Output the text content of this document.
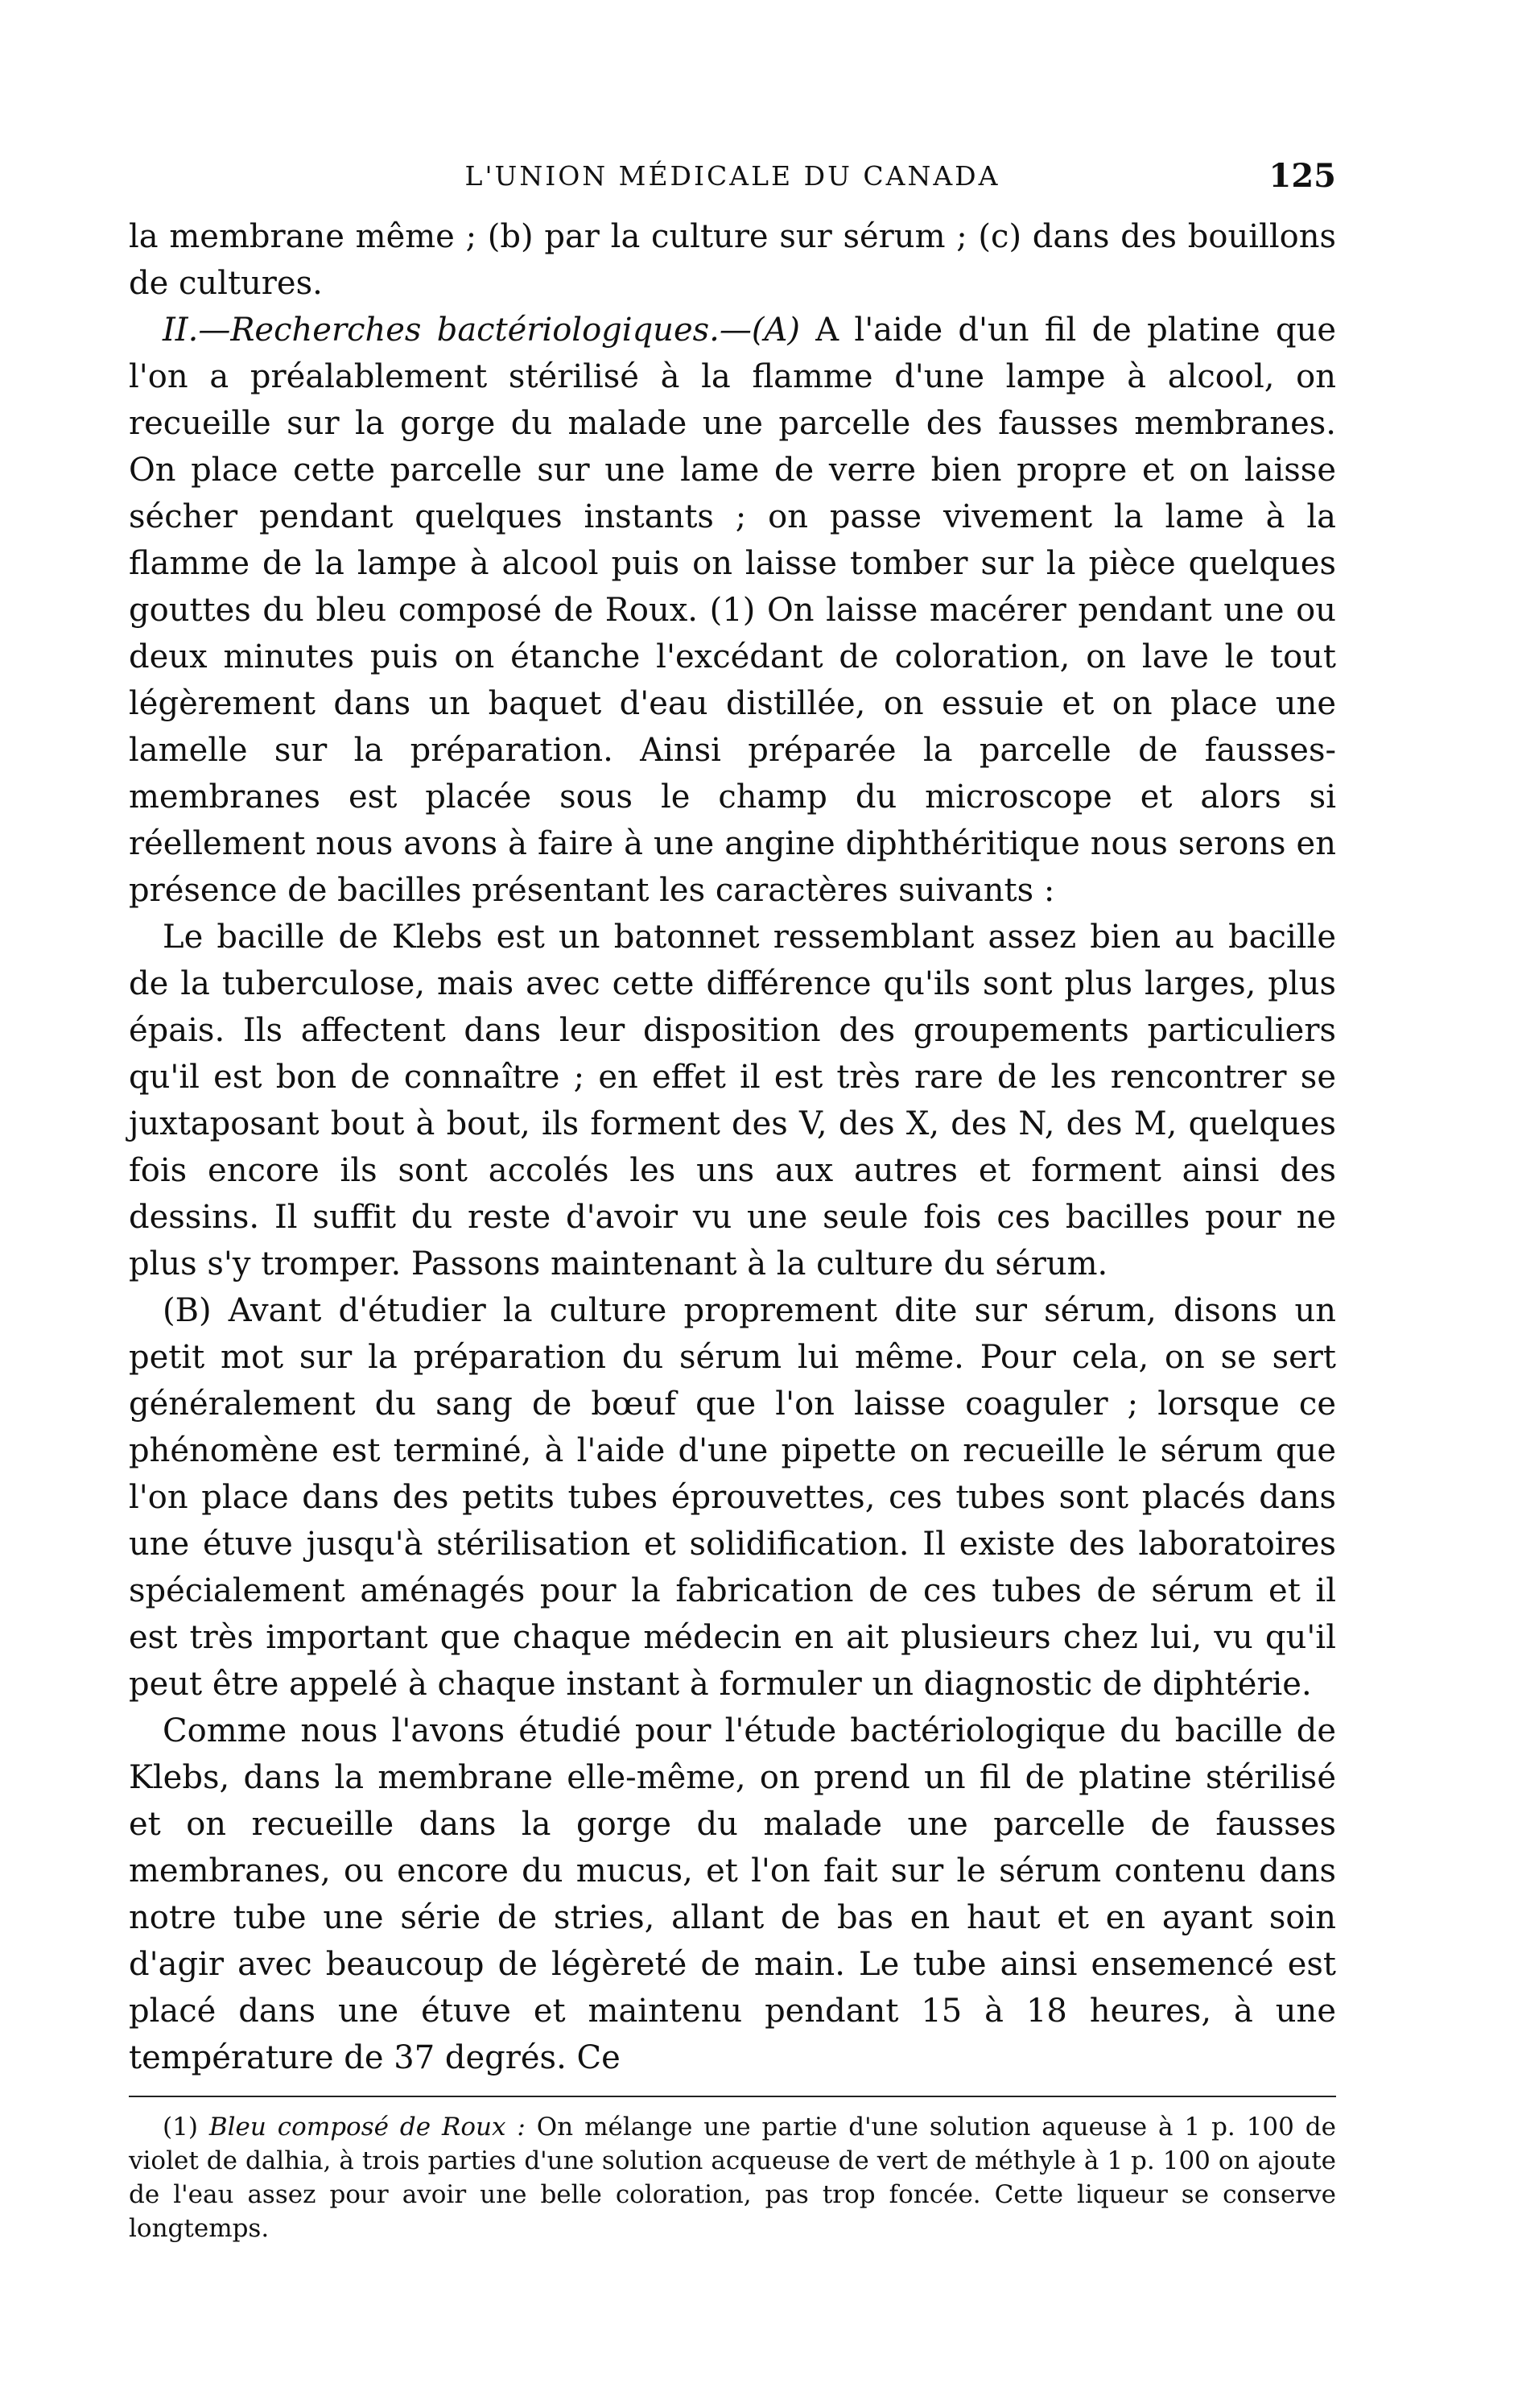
L'UNION MÉDICALE DU CANADA	125

la membrane même ; (b) par la culture sur sérum ; (c) dans des bouillons de cultures.

II.—Recherches bactériologiques.—(A) A l'aide d'un fil de platine que l'on a préalablement stérilisé à la flamme d'une lampe à alcool, on recueille sur la gorge du malade une parcelle des fausses membranes. On place cette parcelle sur une lame de verre bien propre et on laisse sécher pendant quelques instants ; on passe vivement la lame à la flamme de la lampe à alcool puis on laisse tomber sur la pièce quelques gouttes du bleu composé de Roux. (1) On laisse macérer pendant une ou deux minutes puis on étanche l'excédant de coloration, on lave le tout légèrement dans un baquet d'eau distillée, on essuie et on place une lamelle sur la préparation. Ainsi préparée la parcelle de fausses-membranes est placée sous le champ du microscope et alors si réellement nous avons à faire à une angine diphthéritique nous serons en présence de bacilles présentant les caractères suivants :

Le bacille de Klebs est un batonnet ressemblant assez bien au bacille de la tuberculose, mais avec cette différence qu'ils sont plus larges, plus épais. Ils affectent dans leur disposition des groupements particuliers qu'il est bon de connaître ; en effet il est très rare de les rencontrer se juxtaposant bout à bout, ils forment des V, des X, des N, des M, quelques fois encore ils sont accolés les uns aux autres et forment ainsi des dessins. Il suffit du reste d'avoir vu une seule fois ces bacilles pour ne plus s'y tromper. Passons maintenant à la culture du sérum.

(B) Avant d'étudier la culture proprement dite sur sérum, disons un petit mot sur la préparation du sérum lui même. Pour cela, on se sert généralement du sang de bœuf que l'on laisse coaguler ; lorsque ce phénomène est terminé, à l'aide d'une pipette on recueille le sérum que l'on place dans des petits tubes éprouvettes, ces tubes sont placés dans une étuve jusqu'à stérilisation et solidification. Il existe des laboratoires spécialement aménagés pour la fabrication de ces tubes de sérum et il est très important que chaque médecin en ait plusieurs chez lui, vu qu'il peut être appelé à chaque instant à formuler un diagnostic de diphtérie.

Comme nous l'avons étudié pour l'étude bactériologique du bacille de Klebs, dans la membrane elle-même, on prend un fil de platine stérilisé et on recueille dans la gorge du malade une parcelle de fausses membranes, ou encore du mucus, et l'on fait sur le sérum contenu dans notre tube une série de stries, allant de bas en haut et en ayant soin d'agir avec beaucoup de légèreté de main. Le tube ainsi ensemencé est placé dans une étuve et maintenu pendant 15 à 18 heures, à une température de 37 degrés. Ce

(1) Bleu composé de Roux : On mélange une partie d'une solution aqueuse à 1 p. 100 de violet de dalhia, à trois parties d'une solution acqueuse de vert de méthyle à 1 p. 100 on ajoute de l'eau assez pour avoir une belle coloration, pas trop foncée. Cette liqueur se conserve longtemps.
